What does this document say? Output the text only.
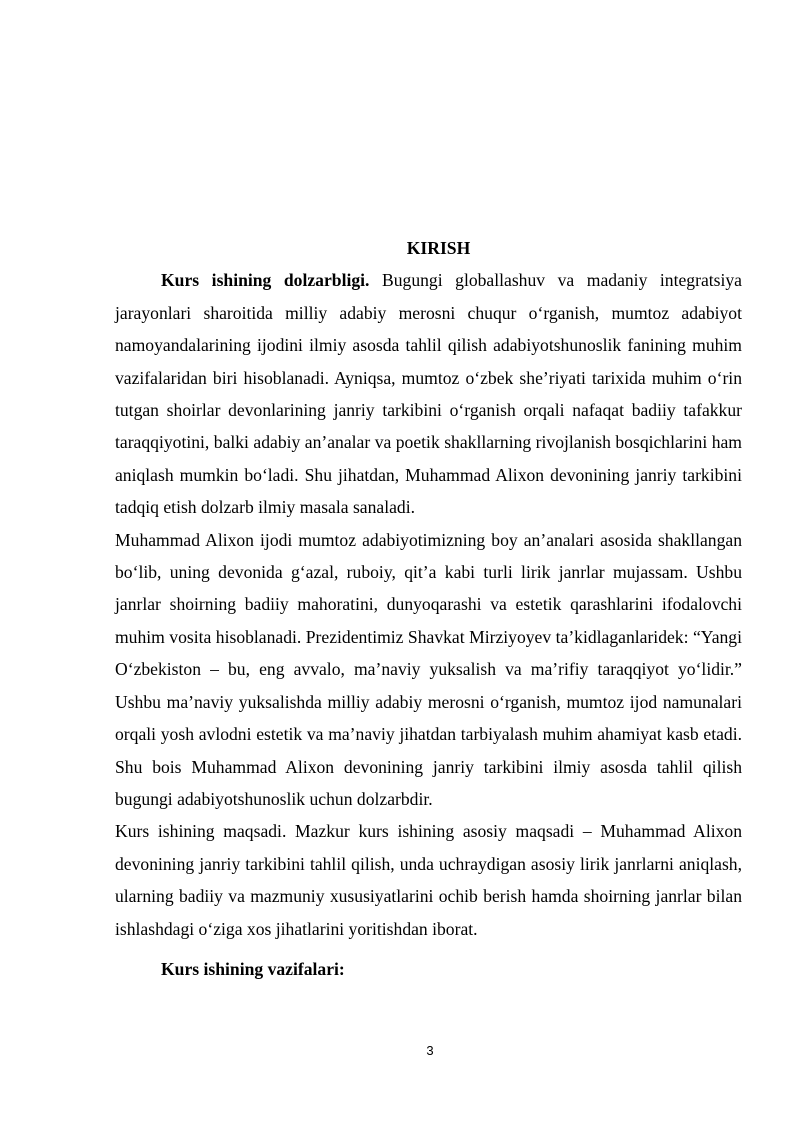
KIRISH

Kurs ishining dolzarbligi. Bugungi globallashuv va madaniy integratsiya jarayonlari sharoitida milliy adabiy merosni chuqur o‘rganish, mumtoz adabiyot namoyandalarining ijodini ilmiy asosda tahlil qilish adabiyotshunoslik fanining muhim vazifalaridan biri hisoblanadi. Ayniqsa, mumtoz o‘zbek she’riyati tarixida muhim o‘rin tutgan shoirlar devonlarining janriy tarkibini o‘rganish orqali nafaqat badiiy tafakkur taraqqiyotini, balki adabiy an’analar va poetik shakllarning rivojlanish bosqichlarini ham aniqlash mumkin bo‘ladi. Shu jihatdan, Muhammad Alixon devonining janriy tarkibini tadqiq etish dolzarb ilmiy masala sanaladi.

Muhammad Alixon ijodi mumtoz adabiyotimizning boy an’analari asosida shakllangan bo‘lib, uning devonida g‘azal, ruboiy, qit’a kabi turli lirik janrlar mujassam. Ushbu janrlar shoirning badiiy mahoratini, dunyoqarashi va estetik qarashlarini ifodalovchi muhim vosita hisoblanadi. Prezidentimiz Shavkat Mirziyoyev ta’kidlaganlaridek: “Yangi O‘zbekiston – bu, eng avvalo, ma’naviy yuksalish va ma’rifiy taraqqiyot yo‘lidir.” Ushbu ma’naviy yuksalishda milliy adabiy merosni o‘rganish, mumtoz ijod namunalari orqali yosh avlodni estetik va ma’naviy jihatdan tarbiyalash muhim ahamiyat kasb etadi. Shu bois Muhammad Alixon devonining janriy tarkibini ilmiy asosda tahlil qilish bugungi adabiyotshunoslik uchun dolzarbdir.

Kurs ishining maqsadi. Mazkur kurs ishining asosiy maqsadi – Muhammad Alixon devonining janriy tarkibini tahlil qilish, unda uchraydigan asosiy lirik janrlarni aniqlash, ularning badiiy va mazmuniy xususiyatlarini ochib berish hamda shoirning janrlar bilan ishlashdagi o‘ziga xos jihatlarini yoritishdan iborat.

Kurs ishining vazifalari:

3
